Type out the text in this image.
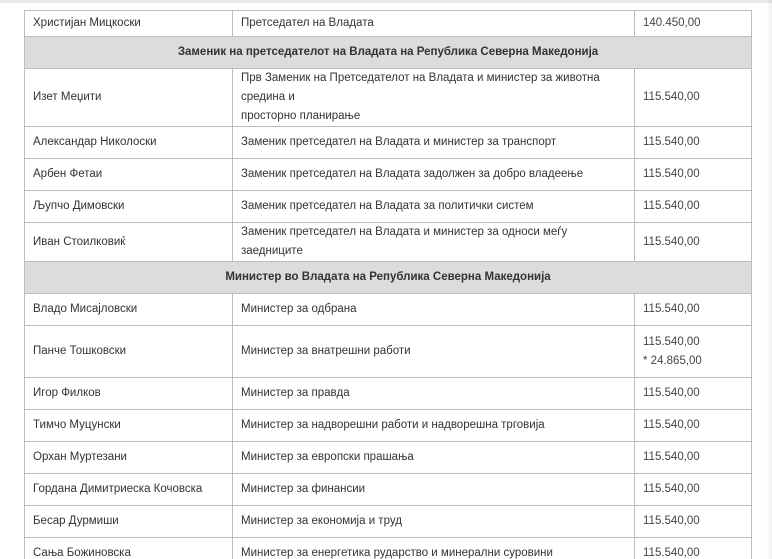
Христијан Мицкоски	Претседател на Владата	140.450,00
Заменик на претседателот на Владата на Република Северна Македонија		
Изет Меџити	Прв Заменик на Претседателот на Владата и министер за животна средина и
просторно планирање	115.540,00
Александар Николоски	Заменик претседател на Владата и министер за транспорт	115.540,00
Арбен Фетаи	Заменик претседател на Владата задолжен за добро владеење	115.540,00
Љупчо Димовски	Заменик претседател на Владата за политички систем	115.540,00
Иван Стоилковиќ	Заменик претседател на Владата и министер за односи меѓу заедниците	115.540,00
Министер во Владата на Република Северна Македонија		
Владо Мисајловски	Министер за одбрана	115.540,00
Панче Тошковски	Министер за внатрешни работи	115.540,00
* 24.865,00

Игор Филков	Министер за правда	115.540,00
Тимчо Муцунски	Министер за надворешни работи и надворешна трговија	115.540,00
Орхан Муртезани	Министер за европски прашања	115.540,00
Гордана Димитриеска Кочовска	Министер за финансии	115.540,00
Бесар Дурмиши	Министер за економија и труд	115.540,00
Сања Божиновска	Министер за енергетика рударство и минерални суровини	115.540,00
